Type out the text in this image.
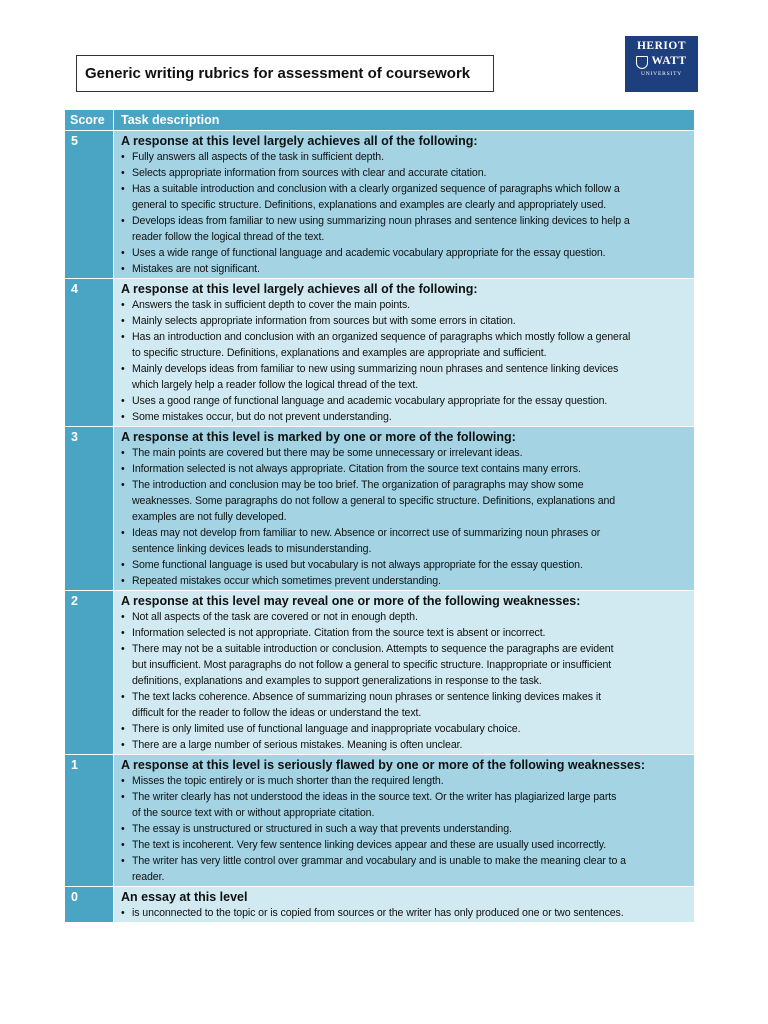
Generic writing rubrics for assessment of coursework
HERIOT
WATT
UNIVERSITY
Score	Task description
5	A response at this level largely achieves all of the following:
• Fully answers all aspects of the task in sufficient depth.
• Selects appropriate information from sources with clear and accurate citation.
• Has a suitable introduction and conclusion with a clearly organized sequence of paragraphs which follow a
general to specific structure. Definitions, explanations and examples are clearly and appropriately used.
• Develops ideas from familiar to new using summarizing noun phrases and sentence linking devices to help a
reader follow the logical thread of the text.
• Uses a wide range of functional language and academic vocabulary appropriate for the essay question.
• Mistakes are not significant.
4	A response at this level largely achieves all of the following:
• Answers the task in sufficient depth to cover the main points.
• Mainly selects appropriate information from sources but with some errors in citation.
• Has an introduction and conclusion with an organized sequence of paragraphs which mostly follow a general
to specific structure. Definitions, explanations and examples are appropriate and sufficient.
• Mainly develops ideas from familiar to new using summarizing noun phrases and sentence linking devices
which largely help a reader follow the logical thread of the text.
• Uses a good range of functional language and academic vocabulary appropriate for the essay question.
• Some mistakes occur, but do not prevent understanding.
3	A response at this level is marked by one or more of the following:
• The main points are covered but there may be some unnecessary or irrelevant ideas.
• Information selected is not always appropriate. Citation from the source text contains many errors.
• The introduction and conclusion may be too brief. The organization of paragraphs may show some
weaknesses. Some paragraphs do not follow a general to specific structure. Definitions, explanations and
examples are not fully developed.
• Ideas may not develop from familiar to new. Absence or incorrect use of summarizing noun phrases or
sentence linking devices leads to misunderstanding.
• Some functional language is used but vocabulary is not always appropriate for the essay question.
• Repeated mistakes occur which sometimes prevent understanding.
2	A response at this level may reveal one or more of the following weaknesses:
• Not all aspects of the task are covered or not in enough depth.
• Information selected is not appropriate. Citation from the source text is absent or incorrect.
• There may not be a suitable introduction or conclusion. Attempts to sequence the paragraphs are evident
but insufficient. Most paragraphs do not follow a general to specific structure. Inappropriate or insufficient
definitions, explanations and examples to support generalizations in response to the task.
• The text lacks coherence. Absence of summarizing noun phrases or sentence linking devices makes it
difficult for the reader to follow the ideas or understand the text.
• There is only limited use of functional language and inappropriate vocabulary choice.
• There are a large number of serious mistakes. Meaning is often unclear.
1	A response at this level is seriously flawed by one or more of the following weaknesses:
• Misses the topic entirely or is much shorter than the required length.
• The writer clearly has not understood the ideas in the source text. Or the writer has plagiarized large parts
of the source text with or without appropriate citation.
• The essay is unstructured or structured in such a way that prevents understanding.
• The text is incoherent. Very few sentence linking devices appear and these are usually used incorrectly.
• The writer has very little control over grammar and vocabulary and is unable to make the meaning clear to a
reader.
0	An essay at this level
• is unconnected to the topic or is copied from sources or the writer has only produced one or two sentences.
